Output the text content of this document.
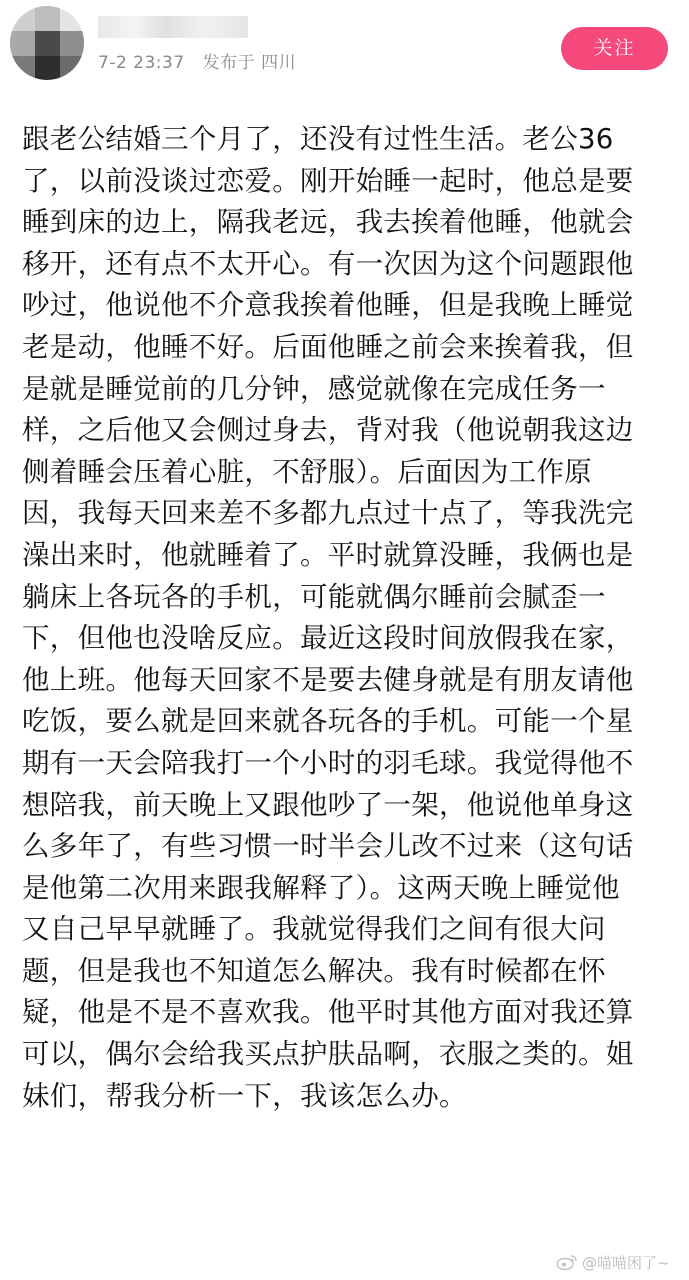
7-2 23:37 发布于 四川
关注
跟老公结婚三个月了，还没有过性生活。老公36
了，以前没谈过恋爱。刚开始睡一起时，他总是要
睡到床的边上，隔我老远，我去挨着他睡，他就会
移开，还有点不太开心。有一次因为这个问题跟他
吵过，他说他不介意我挨着他睡，但是我晚上睡觉
老是动，他睡不好。后面他睡之前会来挨着我，但
是就是睡觉前的几分钟，感觉就像在完成任务一
样，之后他又会侧过身去，背对我（他说朝我这边
侧着睡会压着心脏，不舒服）。后面因为工作原
因，我每天回来差不多都九点过十点了，等我洗完
澡出来时，他就睡着了。平时就算没睡，我俩也是
躺床上各玩各的手机，可能就偶尔睡前会腻歪一
下，但他也没啥反应。最近这段时间放假我在家，
他上班。他每天回家不是要去健身就是有朋友请他
吃饭，要么就是回来就各玩各的手机。可能一个星
期有一天会陪我打一个小时的羽毛球。我觉得他不
想陪我，前天晚上又跟他吵了一架，他说他单身这
么多年了，有些习惯一时半会儿改不过来（这句话
是他第二次用来跟我解释了）。这两天晚上睡觉他
又自己早早就睡了。我就觉得我们之间有很大问
题，但是我也不知道怎么解决。我有时候都在怀
疑，他是不是不喜欢我。他平时其他方面对我还算
可以，偶尔会给我买点护肤品啊，衣服之类的。姐
妹们，帮我分析一下，我该怎么办。
@喵喵困了~
